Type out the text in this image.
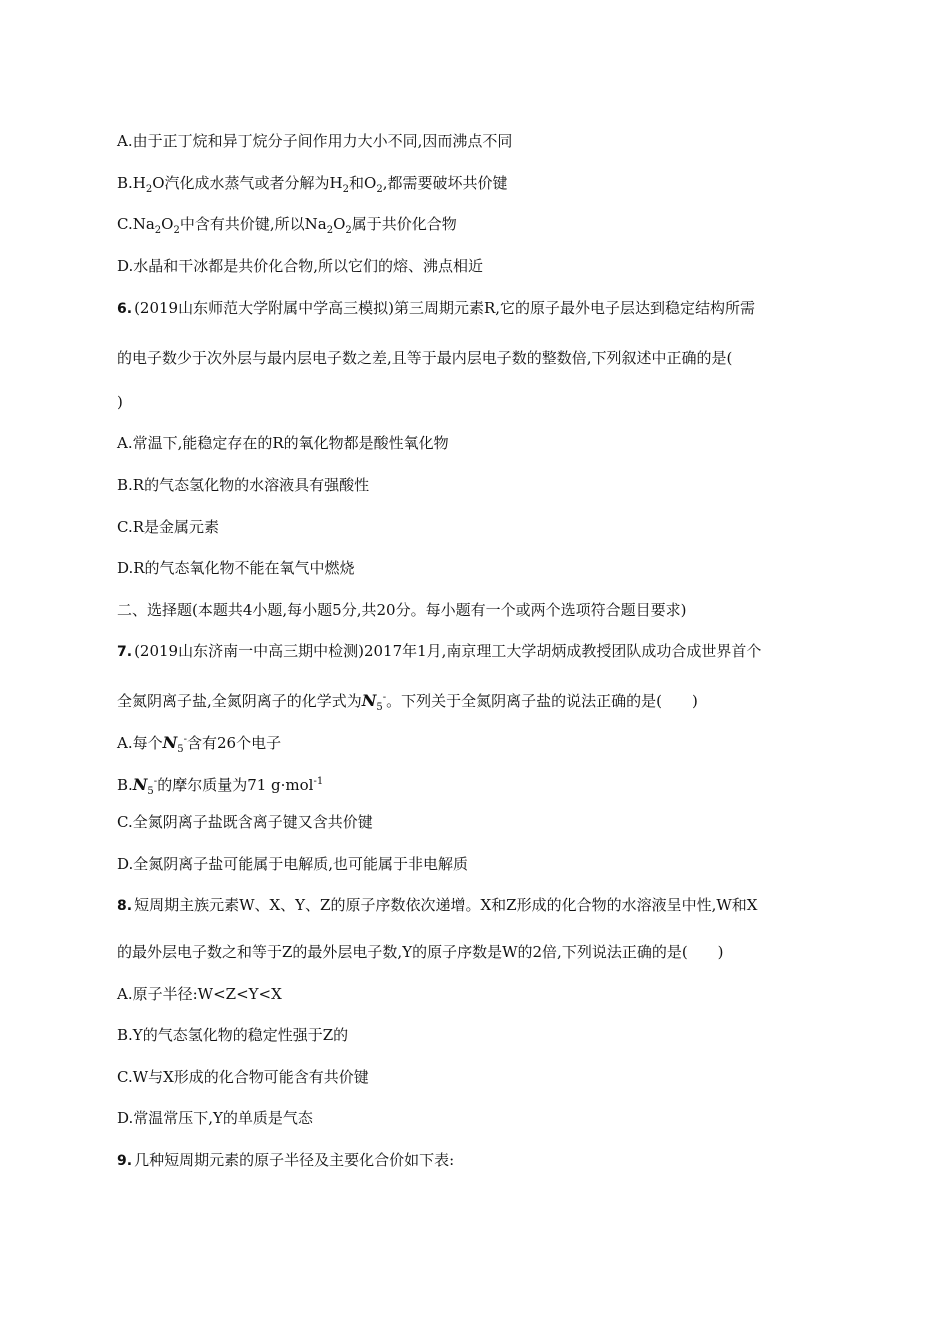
A.由于正丁烷和异丁烷分子间作用力大小不同,因而沸点不同
$B.H_2O$汽化成水蒸气或者分解为$H_2$和$O_2$,都需要破坏共价键
$C.Na_2O_2$中含有共价键,所以$Na_2O_2$属于共价化合物
D.水晶和干冰都是共价化合物,所以它们的熔、沸点相近
6. (2019山东师范大学附属中学高三模拟)第三周期元素R,它的原子最外电子层达到稳定结构所需
的电子数少于次外层与最内层电子数之差,且等于最内层电子数的整数倍,下列叙述中正确的是(
)
A.常温下,能稳定存在的R的氧化物都是酸性氧化物
B.R的气态氢化物的水溶液具有强酸性
C.R是金属元素
D.R的气态氧化物不能在氧气中燃烧
二、选择题(本题共4小题,每小题5分,共20分。每小题有一个或两个选项符合题目要求)
7. (2019山东济南一中高三期中检测)2017年1月,南京理工大学胡炳成教授团队成功合成世界首个
全氮阴离子盐,全氮阴离子的化学式为$N_5^-$。下列关于全氮阴离子盐的说法正确的是(　　)
A.每个$N_5^-$含有26个电子
$B.N_5^-$的摩尔质量为71 g·mol$^{-1}$
C.全氮阴离子盐既含离子键又含共价键
D.全氮阴离子盐可能属于电解质,也可能属于非电解质
8. 短周期主族元素W、X、Y、Z的原子序数依次递增。X和Z形成的化合物的水溶液呈中性,W和X
的最外层电子数之和等于Z的最外层电子数,Y的原子序数是W的2倍,下列说法正确的是(　　)
A.原子半径:W<Z<Y<X
B.Y的气态氢化物的稳定性强于Z的
C.W与X形成的化合物可能含有共价键
D.常温常压下,Y的单质是气态
9. 几种短周期元素的原子半径及主要化合价如下表:
